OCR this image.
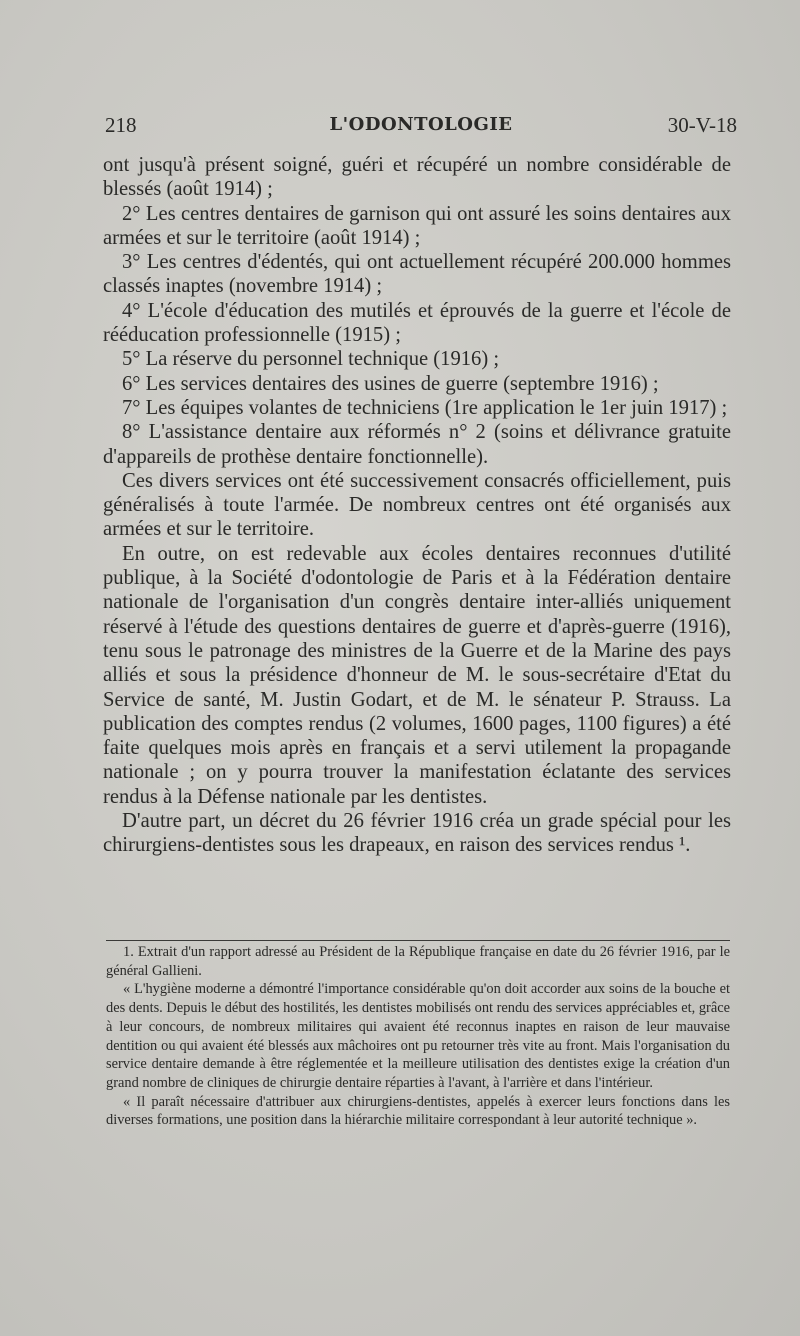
218	L'ODONTOLOGIE	30-V-18

ont jusqu'à présent soigné, guéri et récupéré un nombre considérable de blessés (août 1914) ;

2° Les centres dentaires de garnison qui ont assuré les soins dentaires aux armées et sur le territoire (août 1914) ;

3° Les centres d'édentés, qui ont actuellement récupéré 200.000 hommes classés inaptes (novembre 1914) ;

4° L'école d'éducation des mutilés et éprouvés de la guerre et l'école de rééducation professionnelle (1915) ;

5° La réserve du personnel technique (1916) ;

6° Les services dentaires des usines de guerre (septembre 1916) ;

7° Les équipes volantes de techniciens (1re application le 1er juin 1917) ;

8° L'assistance dentaire aux réformés n° 2 (soins et délivrance gratuite d'appareils de prothèse dentaire fonctionnelle).

Ces divers services ont été successivement consacrés officiellement, puis généralisés à toute l'armée. De nombreux centres ont été organisés aux armées et sur le territoire.

En outre, on est redevable aux écoles dentaires reconnues d'utilité publique, à la Société d'odontologie de Paris et à la Fédération dentaire nationale de l'organisation d'un congrès dentaire inter-alliés uniquement réservé à l'étude des questions dentaires de guerre et d'après-guerre (1916), tenu sous le patronage des ministres de la Guerre et de la Marine des pays alliés et sous la présidence d'honneur de M. le sous-secrétaire d'Etat du Service de santé, M. Justin Godart, et de M. le sénateur P. Strauss. La publication des comptes rendus (2 volumes, 1600 pages, 1100 figures) a été faite quelques mois après en français et a servi utilement la propagande nationale ; on y pourra trouver la manifestation éclatante des services rendus à la Défense nationale par les dentistes.

D'autre part, un décret du 26 février 1916 créa un grade spécial pour les chirurgiens-dentistes sous les drapeaux, en raison des services rendus ¹.

1. Extrait d'un rapport adressé au Président de la République française en date du 26 février 1916, par le général Gallieni.

« L'hygiène moderne a démontré l'importance considérable qu'on doit accorder aux soins de la bouche et des dents. Depuis le début des hostilités, les dentistes mobilisés ont rendu des services appréciables et, grâce à leur concours, de nombreux militaires qui avaient été reconnus inaptes en raison de leur mauvaise dentition ou qui avaient été blessés aux mâchoires ont pu retourner très vite au front. Mais l'organisation du service dentaire demande à être réglementée et la meilleure utilisation des dentistes exige la création d'un grand nombre de cliniques de chirurgie dentaire réparties à l'avant, à l'arrière et dans l'intérieur.

« Il paraît nécessaire d'attribuer aux chirurgiens-dentistes, appelés à exercer leurs fonctions dans les diverses formations, une position dans la hiérarchie militaire correspondant à leur autorité technique ».
